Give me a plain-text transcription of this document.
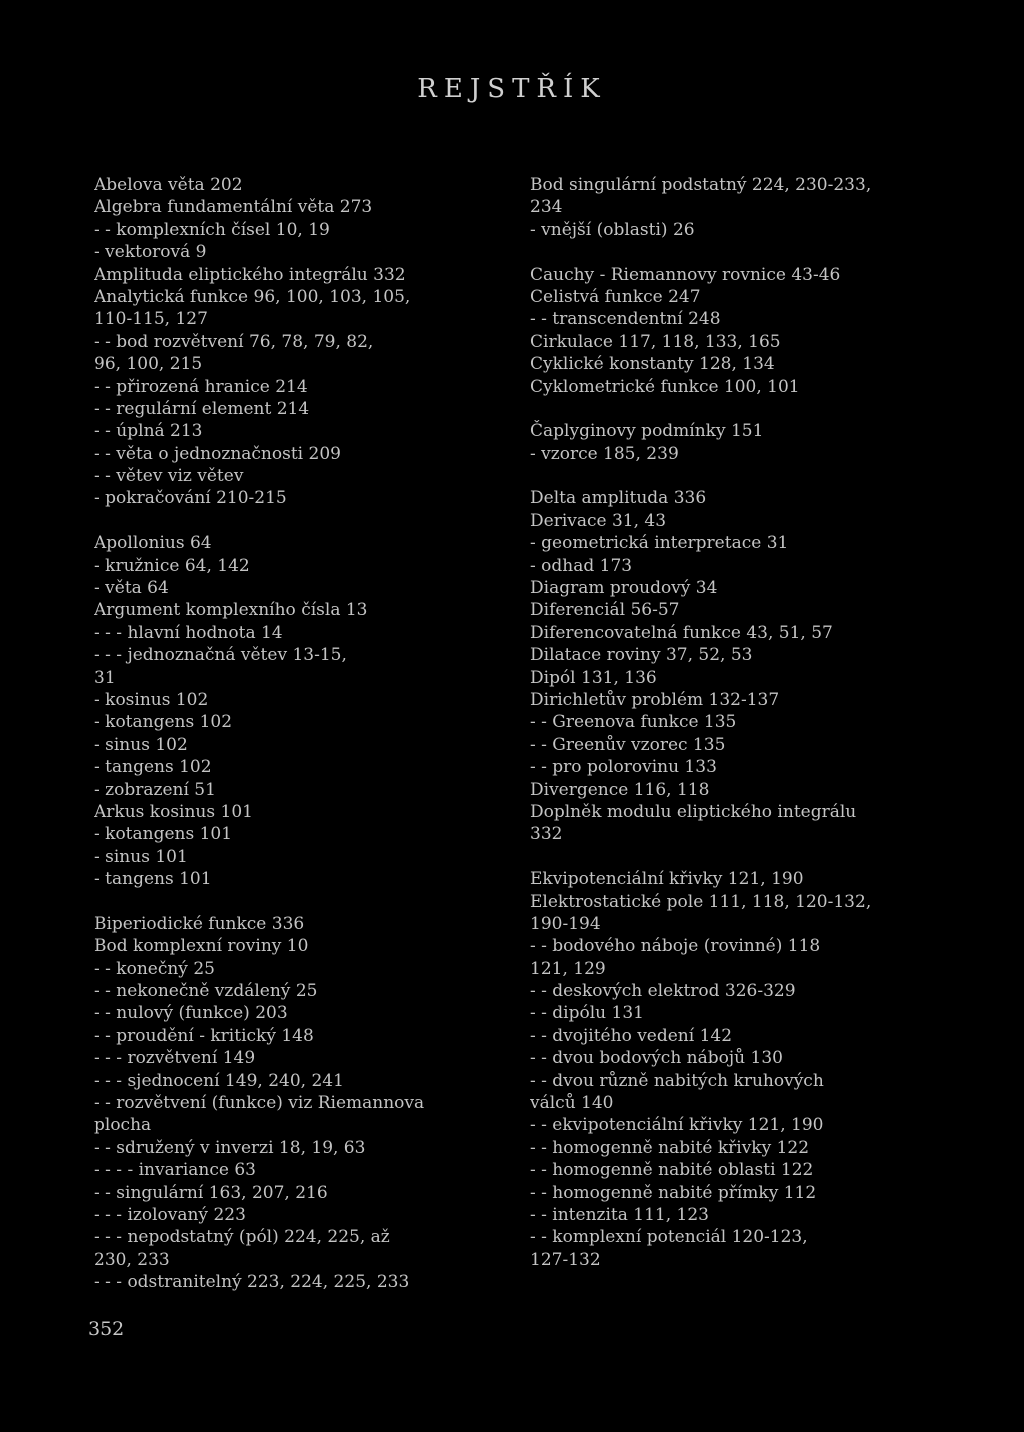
REJSTŘÍK
Abelova věta 202
Algebra fundamentální věta 273
- - komplexních čísel 10, 19
- vektorová 9
Amplituda eliptického integrálu 332
Analytická funkce 96, 100, 103, 105,
110-115, 127
- - bod rozvětvení 76, 78, 79, 82,
96, 100, 215
- - přirozená hranice 214
- - regulární element 214
- - úplná 213
- - věta o jednoznačnosti 209
- - větev viz větev
- pokračování 210-215
Apollonius 64
- kružnice 64, 142
- věta 64
Argument komplexního čísla 13
- - - hlavní hodnota 14
- - - jednoznačná větev 13-15,
31
- kosinus 102
- kotangens 102
- sinus 102
- tangens 102
- zobrazení 51
Arkus kosinus 101
- kotangens 101
- sinus 101
- tangens 101
Biperiodické funkce 336
Bod komplexní roviny 10
- - konečný 25
- - nekonečně vzdálený 25
- - nulový (funkce) 203
- - proudění - kritický 148
- - - rozvětvení 149
- - - sjednocení 149, 240, 241
- - rozvětvení (funkce) viz Riemannova
plocha
- - sdružený v inverzi 18, 19, 63
- - - - invariance 63
- - singulární 163, 207, 216
- - - izolovaný 223
- - - nepodstatný (pól) 224, 225, až
230, 233
- - - odstranitelný 223, 224, 225, 233
Bod singulární podstatný 224, 230-233,
234
- vnější (oblasti) 26
Cauchy - Riemannovy rovnice 43-46
Celistvá funkce 247
- - transcendentní 248
Cirkulace 117, 118, 133, 165
Cyklické konstanty 128, 134
Cyklometrické funkce 100, 101
Čaplyginovy podmínky 151
- vzorce 185, 239
Delta amplituda 336
Derivace 31, 43
- geometrická interpretace 31
- odhad 173
Diagram proudový 34
Diferenciál 56-57
Diferencovatelná funkce 43, 51, 57
Dilatace roviny 37, 52, 53
Dipól 131, 136
Dirichletův problém 132-137
- - Greenova funkce 135
- - Greenův vzorec 135
- - pro polorovinu 133
Divergence 116, 118
Doplněk modulu eliptického integrálu
332
Ekvipotenciální křivky 121, 190
Elektrostatické pole 111, 118, 120-132,
190-194
- - bodového náboje (rovinné) 118
121, 129
- - deskových elektrod 326-329
- - dipólu 131
- - dvojitého vedení 142
- - dvou bodových nábojů 130
- - dvou různě nabitých kruhových
válců 140
- - ekvipotenciální křivky 121, 190
- - homogenně nabité křivky 122
- - homogenně nabité oblasti 122
- - homogenně nabité přímky 112
- - intenzita 111, 123
- - komplexní potenciál 120-123,
127-132
352
